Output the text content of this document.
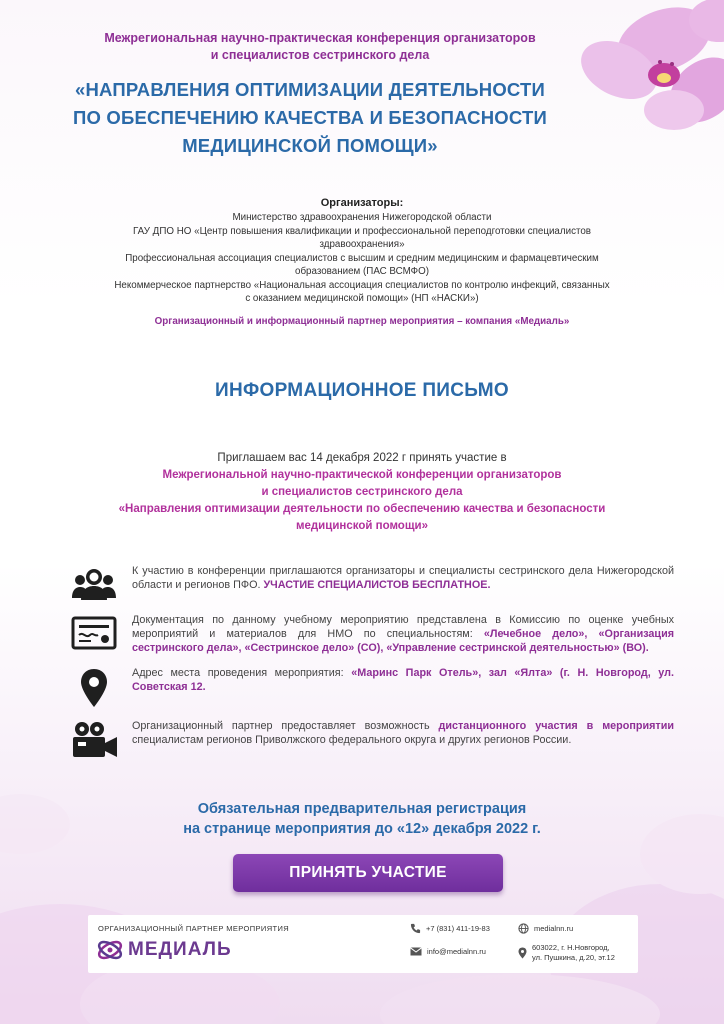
Межрегиональная научно-практическая конференция организаторов
и специалистов сестринского дела
«НАПРАВЛЕНИЯ ОПТИМИЗАЦИИ ДЕЯТЕЛЬНОСТИ
ПО ОБЕСПЕЧЕНИЮ КАЧЕСТВА И БЕЗОПАСНОСТИ
МЕДИЦИНСКОЙ ПОМОЩИ»
Организаторы:
Министерство здравоохранения Нижегородской области
ГАУ ДПО НО «Центр повышения квалификации и профессиональной переподготовки специалистов
здравоохранения»
Профессиональная ассоциация специалистов с высшим и средним медицинским и фармацевтическим
образованием (ПАС ВСМФО)
Некоммерческое партнерство «Национальная ассоциация специалистов по контролю инфекций, связанных
с оказанием медицинской помощи» (НП «НАСКИ»)
Организационный и информационный партнер мероприятия – компания «Медиаль»
ИНФОРМАЦИОННОЕ ПИСЬМО
Приглашаем вас 14 декабря 2022 г принять участие в
Межрегиональной научно-практической конференции организаторов
и специалистов сестринского дела
«Направления оптимизации деятельности по обеспечению качества и безопасности
медицинской помощи»
К участию в конференции приглашаются организаторы и специалисты сестринского дела Нижегородской области и регионов ПФО. УЧАСТИЕ СПЕЦИАЛИСТОВ БЕСПЛАТНОЕ.
Документация по данному учебному мероприятию представлена в Комиссию по оценке учебных мероприятий и материалов для НМО по специальностям: «Лечебное дело», «Организация сестринского дела», «Сестринское дело» (СО), «Управление сестринской деятельностью» (ВО).
Адрес места проведения мероприятия: «Маринс Парк Отель», зал «Ялта» (г. Н. Новгород, ул. Советская 12.
Организационный партнер предоставляет возможность дистанционного участия в мероприятии специалистам регионов Приволжского федерального округа и других регионов России.
Обязательная предварительная регистрация
на странице мероприятия до «12» декабря 2022 г.
ПРИНЯТЬ УЧАСТИЕ
ОРГАНИЗАЦИОННЫЙ ПАРТНЕР МЕРОПРИЯТИЯ
МЕДИАЛЬ
+7 (831) 411-19-83
info@medialnn.ru
medialnn.ru
603022, г. Н.Новгород,
ул. Пушкина, д.20, эт.12
